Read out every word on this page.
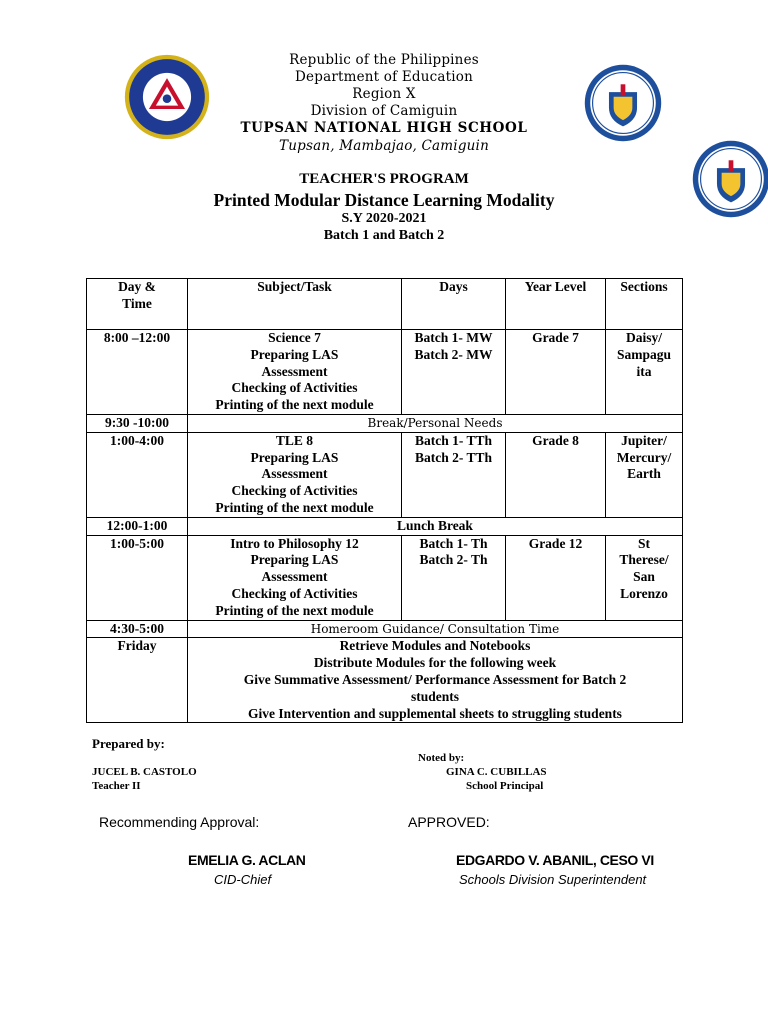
Republic of the Philippines
Department of Education
Region X
Division of Camiguin
TUPSAN NATIONAL HIGH SCHOOL
Tupsan, Mambajao, Camiguin
TEACHER'S PROGRAM
Printed Modular Distance Learning Modality
S.Y 2020-2021
Batch 1 and Batch 2
Day &
Time	Subject/Task	Days	Year Level	Sections
8:00 –12:00	Science 7
Preparing LAS
Assessment
Checking of Activities
Printing of the next module	Batch 1- MW
Batch 2- MW	Grade 7	Daisy/
Sampagu
ita

9:30 -10:00	Break/Personal Needs			
1:00-4:00	TLE 8
Preparing LAS
Assessment
Checking of Activities
Printing of the next module	Batch 1- TTh
Batch 2- TTh	Grade 8	Jupiter/
Mercury/
Earth

12:00-1:00	Lunch Break			
1:00-5:00	Intro to Philosophy 12
Preparing LAS
Assessment
Checking of Activities
Printing of the next module	Batch 1- Th
Batch 2- Th	Grade 12	St
Therese/
San
Lorenzo

4:30-5:00	Homeroom Guidance/ Consultation Time			
Friday	Retrieve Modules and Notebooks
Distribute Modules for the following week
Give Summative Assessment/ Performance Assessment for Batch 2
students
Give Intervention and supplemental sheets to struggling students			
Prepared by:
Noted by:
JUCEL B. CASTOLO
Teacher II
GINA C. CUBILLAS
School Principal
Recommending Approval:	APPROVED:
EMELIA G. ACLAN
CID-Chief
EDGARDO V. ABANIL, CESO VI
Schools Division Superintendent
